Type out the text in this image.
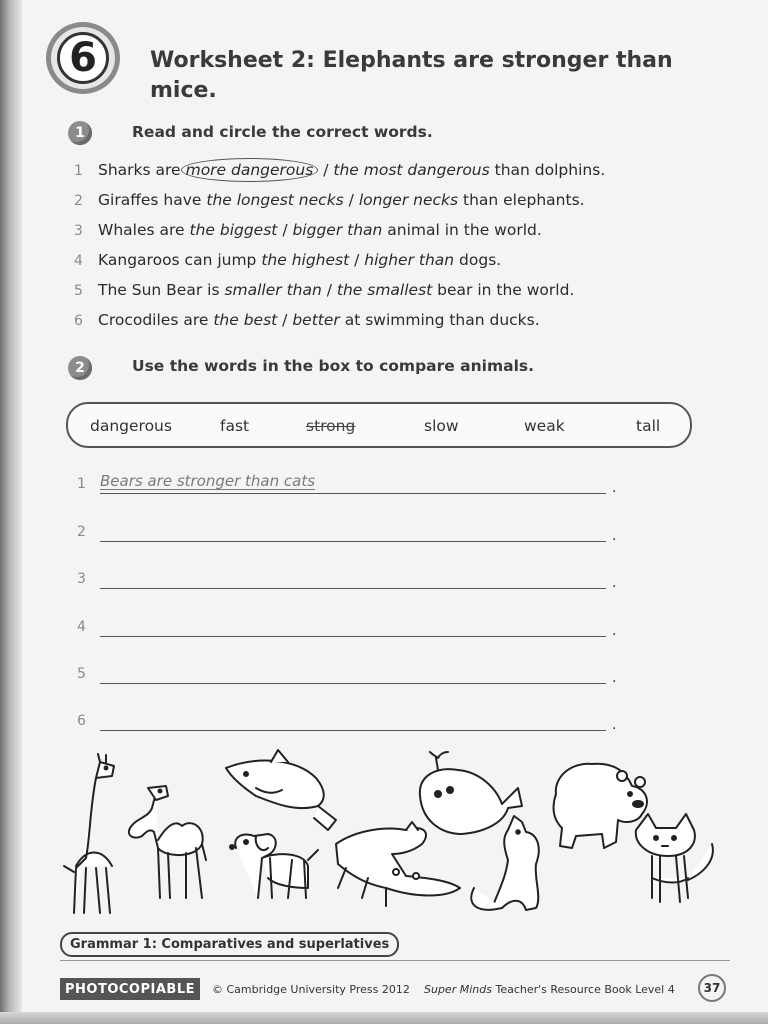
6	Worksheet 2: Elephants are stronger than mice.
1	Read and circle the correct words.
1 Sharks are more dangerous / the most dangerous than dolphins.
2 Giraffes have the longest necks / longer necks than elephants.
3 Whales are the biggest / bigger than animal in the world.
4 Kangaroos can jump the highest / higher than dogs.
5 The Sun Bear is smaller than / the smallest bear in the world.
6 Crocodiles are the best / better at swimming than ducks.
2	Use the words in the box to compare animals.
dangerous	fast	strong	slow	weak	tall
1 Bears are stronger than cats	.
2	.
3	.
4	.
5	.
6	.
Grammar 1: Comparatives and superlatives
PHOTOCOPIABLE	© Cambridge University Press 2012 Super Minds Teacher's Resource Book Level 4	37
